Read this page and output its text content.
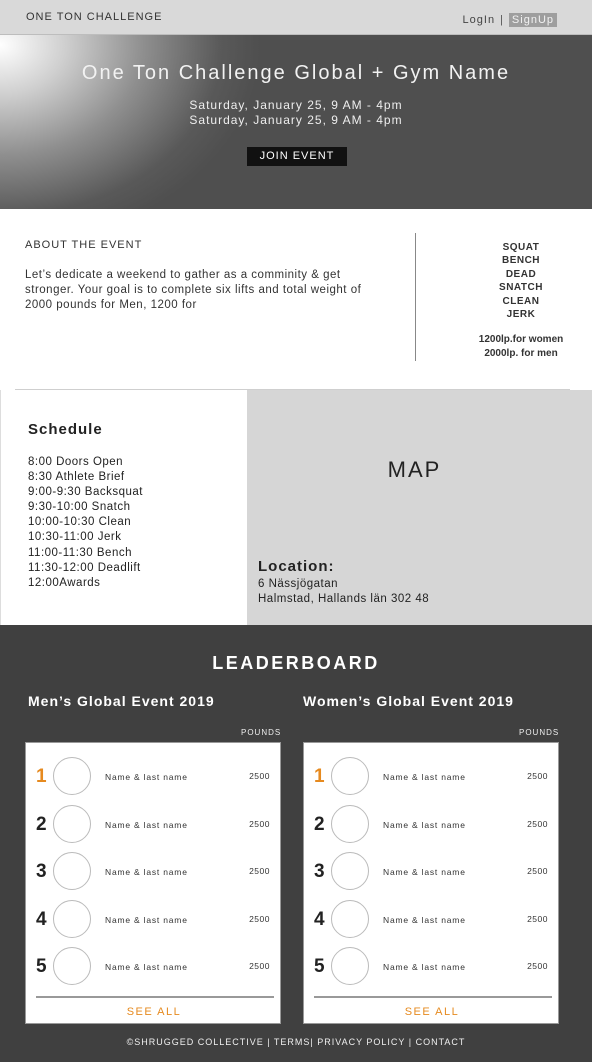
ONE TON CHALLENGE	LogIn | SignUp
One Ton Challenge Global + Gym Name
Saturday, January 25, 9 AM - 4pm
Saturday, January 25, 9 AM - 4pm
JOIN EVENT
ABOUT THE EVENT
Let’s dedicate a weekend to gather as a comminity & get stronger. Your goal is to complete six lifts and total weight of 2000 pounds for Men, 1200 for
SQUAT
BENCH
DEAD
SNATCH
CLEAN
JERK
1200lp.for women
2000lp. for men
Schedule
8:00 Doors Open
8:30 Athlete Brief
9:00-9:30 Backsquat
9:30-10:00 Snatch
10:00-10:30 Clean
10:30-11:00 Jerk
11:00-11:30 Bench
11:30-12:00 Deadlift
12:00Awards
MAP
Location:
6 Nässjögatan
Halmstad, Hallands län 302 48
LEADERBOARD
Men’s Global Event 2019
POUNDS
1	Name & last name	2500
2	Name & last name	2500
3	Name & last name	2500
4	Name & last name	2500
5	Name & last name	2500
SEE ALL
Women’s Global Event 2019
POUNDS
1	Name & last name	2500
2	Name & last name	2500
3	Name & last name	2500
4	Name & last name	2500
5	Name & last name	2500
SEE ALL
©SHRUGGED COLLECTIVE | TERMS| PRIVACY POLICY | CONTACT
